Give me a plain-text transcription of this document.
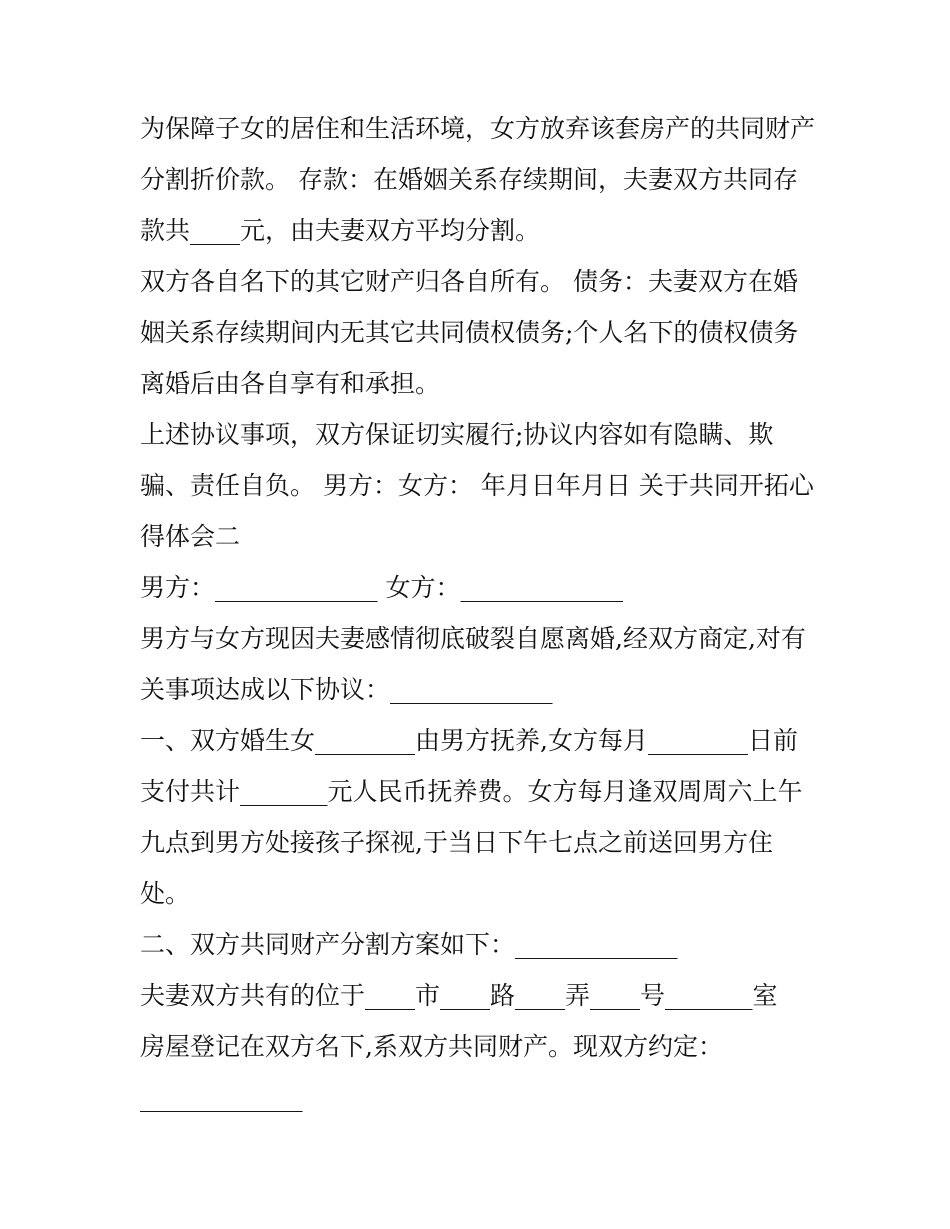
为保障子女的居住和生活环境，女方放弃该套房产的共同财产
分割折价款。 存款：在婚姻关系存续期间，夫妻双方共同存
款共____元，由夫妻双方平均分割。
双方各自名下的其它财产归各自所有。 债务：夫妻双方在婚
姻关系存续期间内无其它共同债权债务;个人名下的债权债务
离婚后由各自享有和承担。
上述协议事项，双方保证切实履行;协议内容如有隐瞒、欺
骗、责任自负。 男方：女方： 年月日年月日 关于共同开拓心
得体会二
男方：_____________ 女方：_____________
男方与女方现因夫妻感情彻底破裂自愿离婚,经双方商定,对有
关事项达成以下协议：_____________
一、双方婚生女________由男方抚养,女方每月________日前
支付共计_______元人民币抚养费。女方每月逢双周周六上午
九点到男方处接孩子探视,于当日下午七点之前送回男方住
处。
二、双方共同财产分割方案如下：_____________
夫妻双方共有的位于____市____路____弄____号_______室
房屋登记在双方名下,系双方共同财产。现双方约定：
_____________
